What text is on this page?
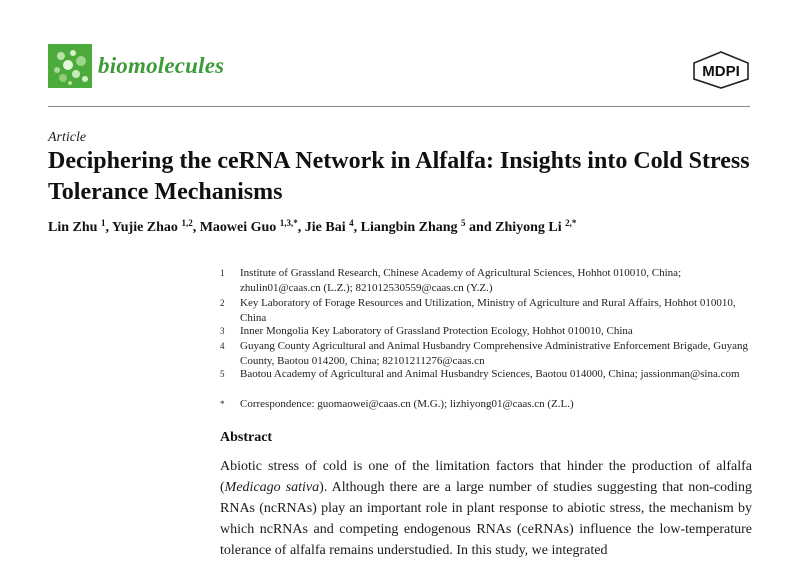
biomolecules	MDPI
Article
Deciphering the ceRNA Network in Alfalfa: Insights into Cold Stress Tolerance Mechanisms
Lin Zhu $^1$, Yujie Zhao $^{1,2}$, Maowei Guo $^{1,3,*}$, Jie Bai $^4$, Liangbin Zhang $^5$ and Zhiyong Li $^{2,*}$
1 Institute of Grassland Research, Chinese Academy of Agricultural Sciences, Hohhot 010010, China; zhulin01@caas.cn (L.Z.); 821012530559@caas.cn (Y.Z.)
2 Key Laboratory of Forage Resources and Utilization, Ministry of Agriculture and Rural Affairs, Hohhot 010010, China
3 Inner Mongolia Key Laboratory of Grassland Protection Ecology, Hohhot 010010, China
4 Guyang County Agricultural and Animal Husbandry Comprehensive Administrative Enforcement Brigade, Guyang County, Baotou 014200, China; 82101211276@caas.cn
5 Baotou Academy of Agricultural and Animal Husbandry Sciences, Baotou 014000, China; jassionman@sina.com
* Correspondence: guomaowei@caas.cn (M.G.); lizhiyong01@caas.cn (Z.L.)
Abstract
Abiotic stress of cold is one of the limitation factors that hinder the production of alfalfa (Medicago sativa). Although there are a large number of studies suggesting that non-coding RNAs (ncRNAs) play an important role in plant response to abiotic stress, the mechanism by which ncRNAs and competing endogenous RNAs (ceRNAs) influence the low-temperature tolerance of alfalfa remains understudied. In this study, we integrated
